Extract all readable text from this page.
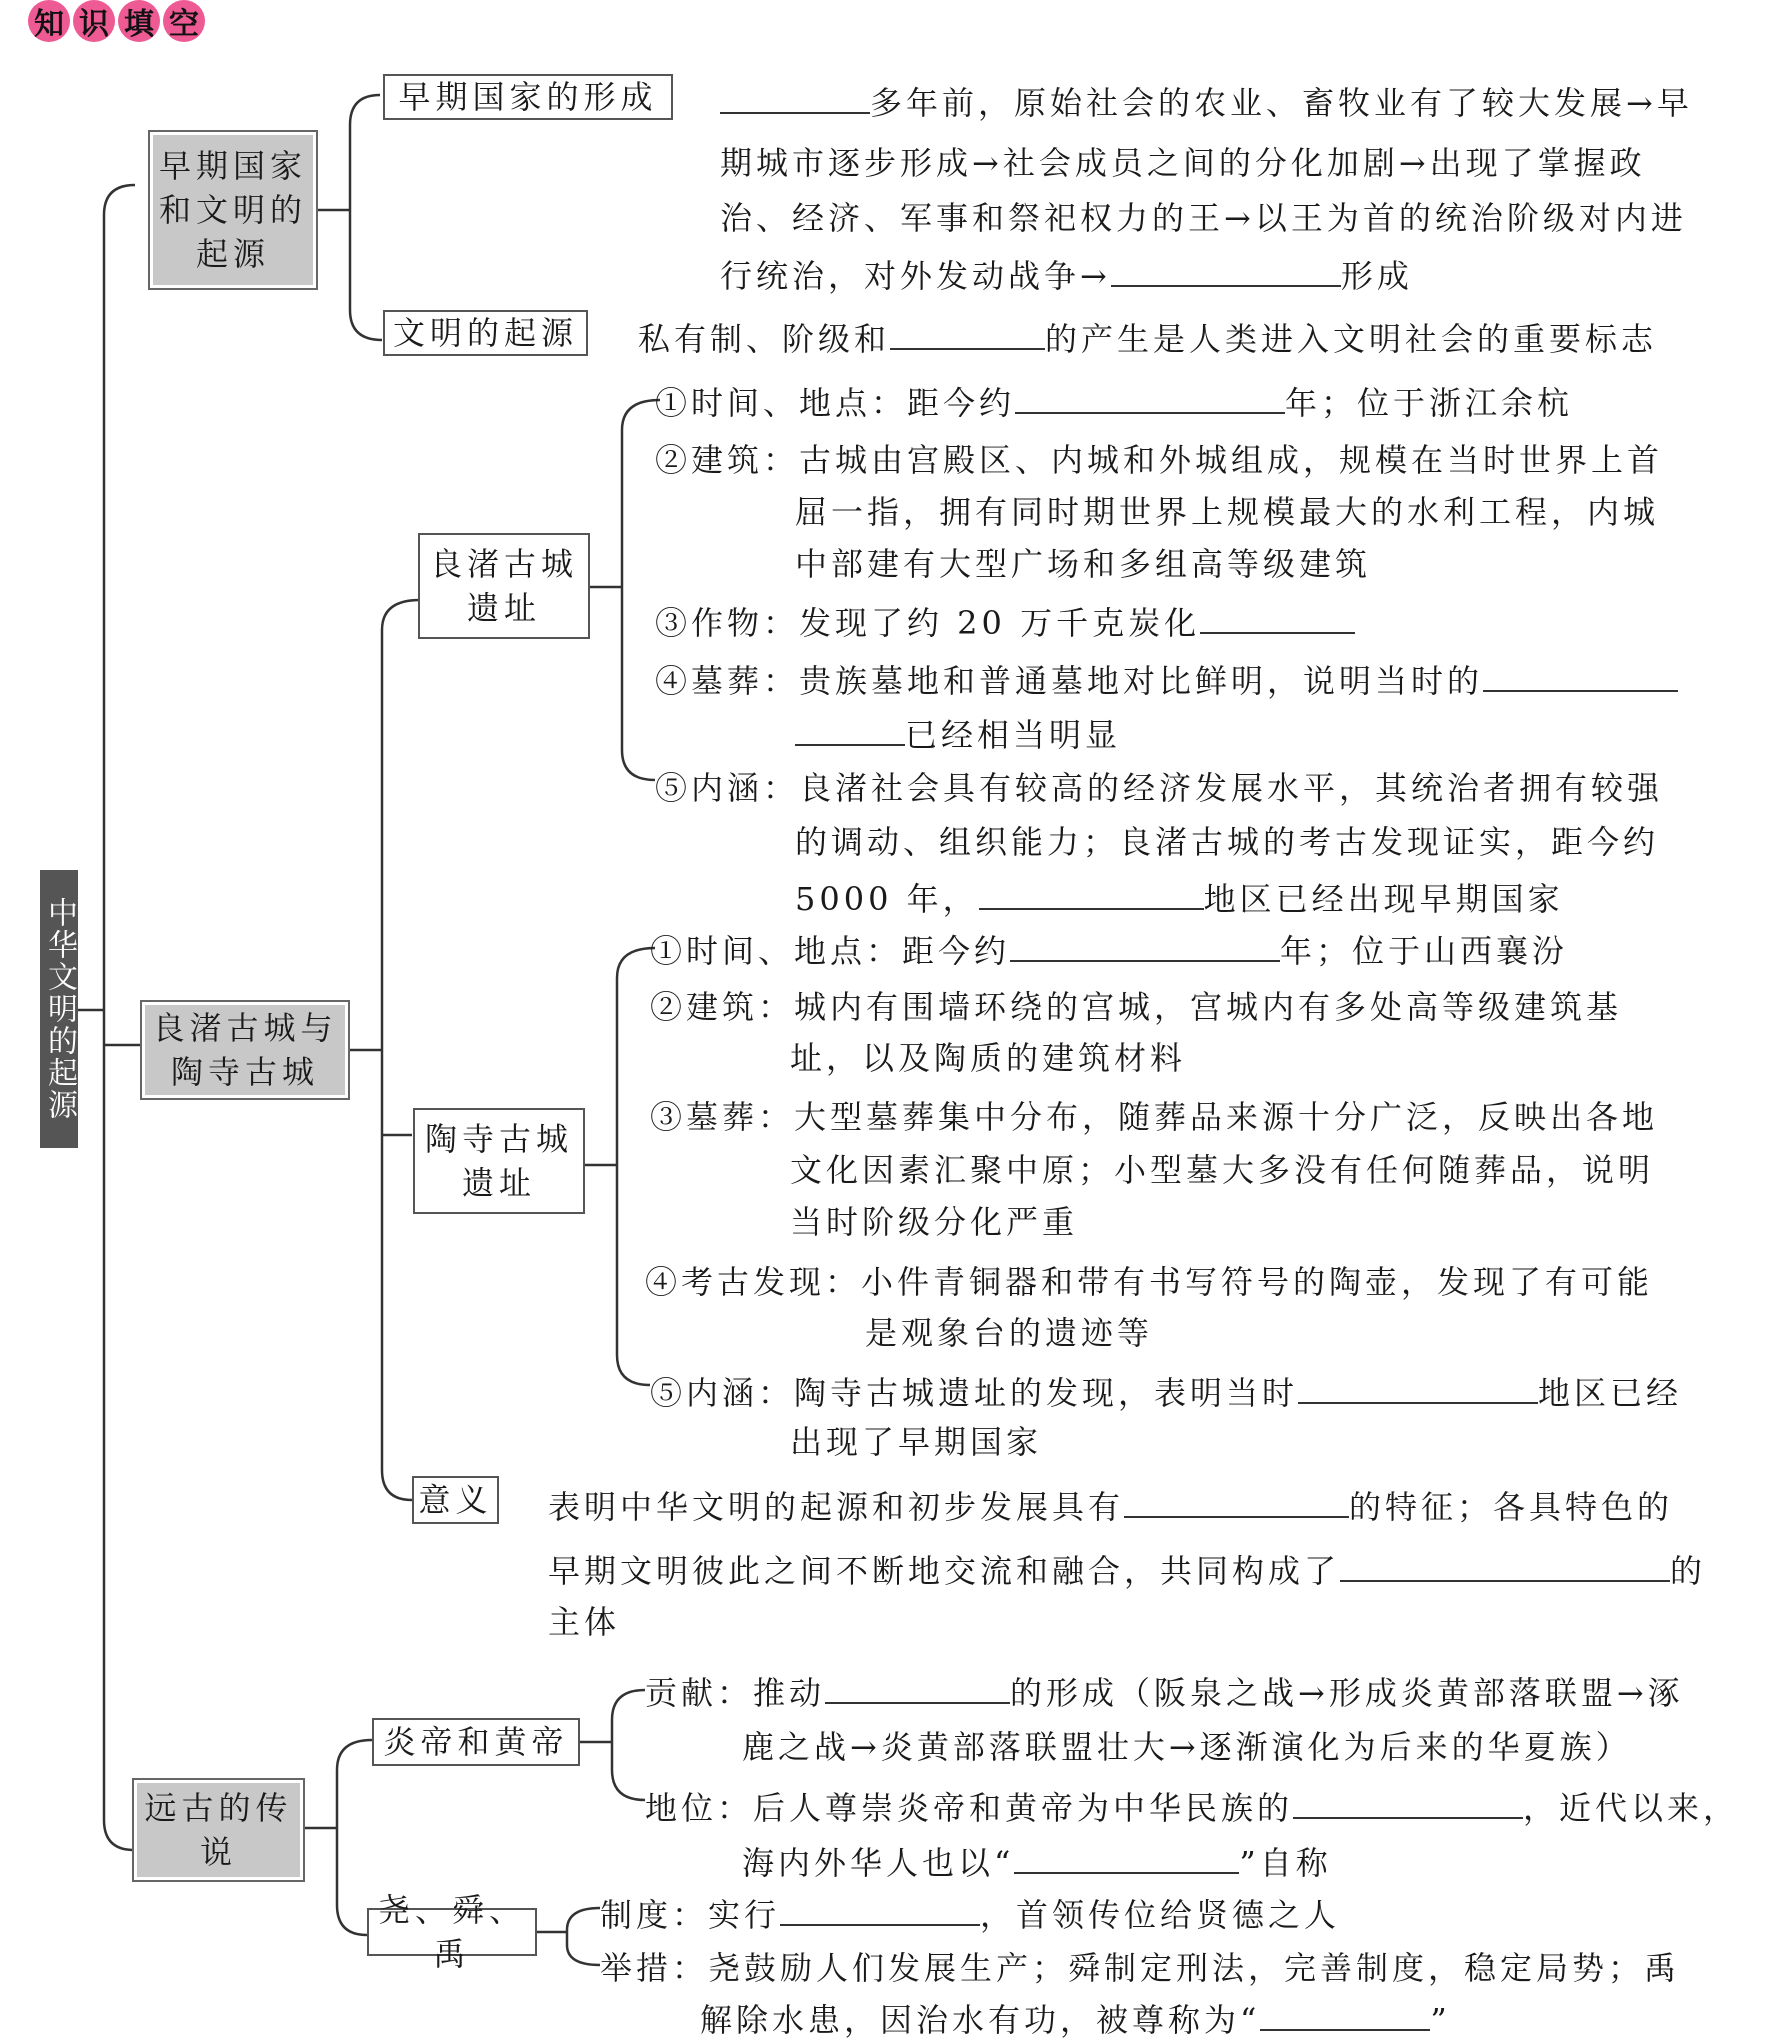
知 识 填 空
中华文明的起源
早期国家和文明的起源
早期国家的形成	多年前，原始社会的农业、畜牧业有了较大发展→早
期城市逐步形成→社会成员之间的分化加剧→出现了掌握政
治、经济、军事和祭祀权力的王→以王为首的统治阶级对内进
行统治，对外发动战争→	形成
文明的起源 私有制、阶级和	的产生是人类进入文明社会的重要标志
良渚古城与陶寺古城
良渚古城遗址
①时间、地点：距今约	年；位于浙江余杭
②建筑：古城由宫殿区、内城和外城组成，规模在当时世界上首
屈一指，拥有同时期世界上规模最大的水利工程，内城
中部建有大型广场和多组高等级建筑
③作物：发现了约 20 万千克炭化
④墓葬：贵族墓地和普通墓地对比鲜明，说明当时的
已经相当明显
⑤内涵：良渚社会具有较高的经济发展水平，其统治者拥有较强
的调动、组织能力；良渚古城的考古发现证实，距今约
5000 年，	地区已经出现早期国家
陶寺古城遗址
①时间、地点：距今约	年；位于山西襄汾
②建筑：城内有围墙环绕的宫城，宫城内有多处高等级建筑基
址，以及陶质的建筑材料
③墓葬：大型墓葬集中分布，随葬品来源十分广泛，反映出各地
文化因素汇聚中原；小型墓大多没有任何随葬品，说明
当时阶级分化严重
④考古发现：小件青铜器和带有书写符号的陶壶，发现了有可能
是观象台的遗迹等
⑤内涵：陶寺古城遗址的发现，表明当时	地区已经
出现了早期国家
意义 表明中华文明的起源和初步发展具有	的特征；各具特色的
早期文明彼此之间不断地交流和融合，共同构成了	的
主体
远古的传说
炎帝和黄帝
贡献：推动	的形成（阪泉之战→形成炎黄部落联盟→涿
鹿之战→炎黄部落联盟壮大→逐渐演化为后来的华夏族）
地位：后人尊崇炎帝和黄帝为中华民族的	，近代以来，
海内外华人也以“	”自称
尧、舜、禹
制度：实行	，首领传位给贤德之人
举措：尧鼓励人们发展生产；舜制定刑法，完善制度，稳定局势；禹
解除水患，因治水有功，被尊称为“	”
